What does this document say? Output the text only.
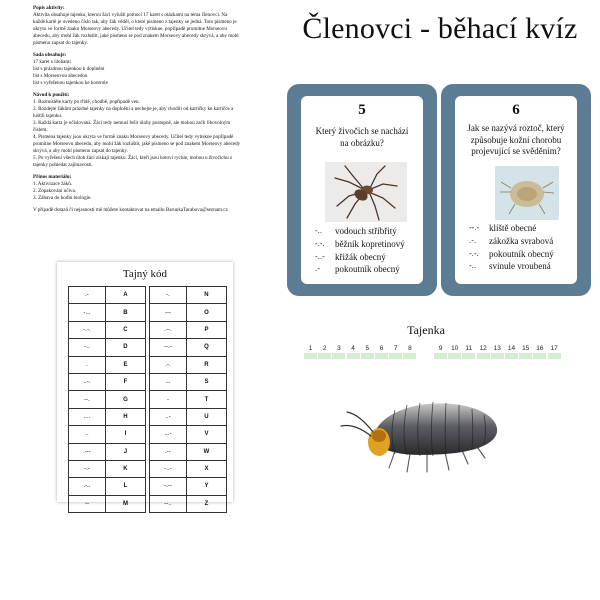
Popis aktivity:
Aktivita obsahuje tajenku, kterou žáci vyluští pomocí 17 karet s otázkami na téma členovci. Na
každé kartě je uvedeno číslo tak, aby žák věděl, o které písmeno z tajenky se jedná. Toto písmeno je
ukryto ve formě znaku Morseovy abecedy. Učitel tedy vytiskne, popřípadě promítne Morseovu
abecedu, aby mohl žák rozluštit, jaké písmeno se pod znakem Morseovy abecedy skrývá, a aby mohl
písmeno zapsat do tajenky.
Sada obsahuje:
17 karet s úlohami
list s prázdnou tajenkou k doplnění
list s Morseovou abecedou
list s vyřešenou tajenkou ke kontrole
Návod k použití:
1. Rozmístěte karty po třídě, chodbě, popřípadě ven.
2. Rozdejte žákům prázdné tajenky na doplnění a nechejte je, aby chodili od kartičky ke kartičce a
luštili tajenku.
3. Každá karta je očíslovaná. Žáci tedy nemusí řešit úlohy postupně, ale mohou začít libovolným
číslem.
4. Písmena tajenky jsou ukryta ve formě znaku Morseovy abecedy. Učitel tedy vytiskne popřípadě
promítne Morseovu abecedu, aby mohl žák rozluštit, jaké písmeno se pod znakem Morseovy abecedy
skrývá, a aby mohl písmeno zapsat do tajenky.
5. Po vyřešení všech úloh žáci získají tajenku. Žáci, kteří jsou hotoví rychle, mohou u živočichu z
tajenky pohledat zajímavosti.
Přínos materiálu:
1. Aktivizace žáků.
2. Zopakování učiva.
3. Zábava do hodin biologie.
V případě dotazů či nejasností mě můžete kontaktovat na emailu BarunkaTarabova@seznam.cz
Členovci - běhací kvíz
5
Který živočich se nachází
na obrázku?
-..	vodouch stříbřitý
-.-.	běžník kopretinový
-..-	křižák obecný
.-	pokoutník obecný
6
Jak se nazývá roztoč, který
způsobuje kožní chorobu
projevující se svěděním?
--.-	klíště obecné
.-.	zákožka svrabová
-.-.	pokoutník obecný
-..	svinule vroubená
Tajný kód
.-	A
-...	B
-.-.	C
-..	D
.	E
..-.	F
--.	G
....	H
..	I
.---	J
-.-	K
.-..	L
--	M
-.	N
---	O
.--.	P
--.-	Q
.-.	R
...	S
-	T
..-	U
...-	V
.--	W
-..-	X
-.--	Y
--..	Z
Tajenka
1	2	3	4	5	6	7	8	9	10	11	12	13	14	15	16	17
